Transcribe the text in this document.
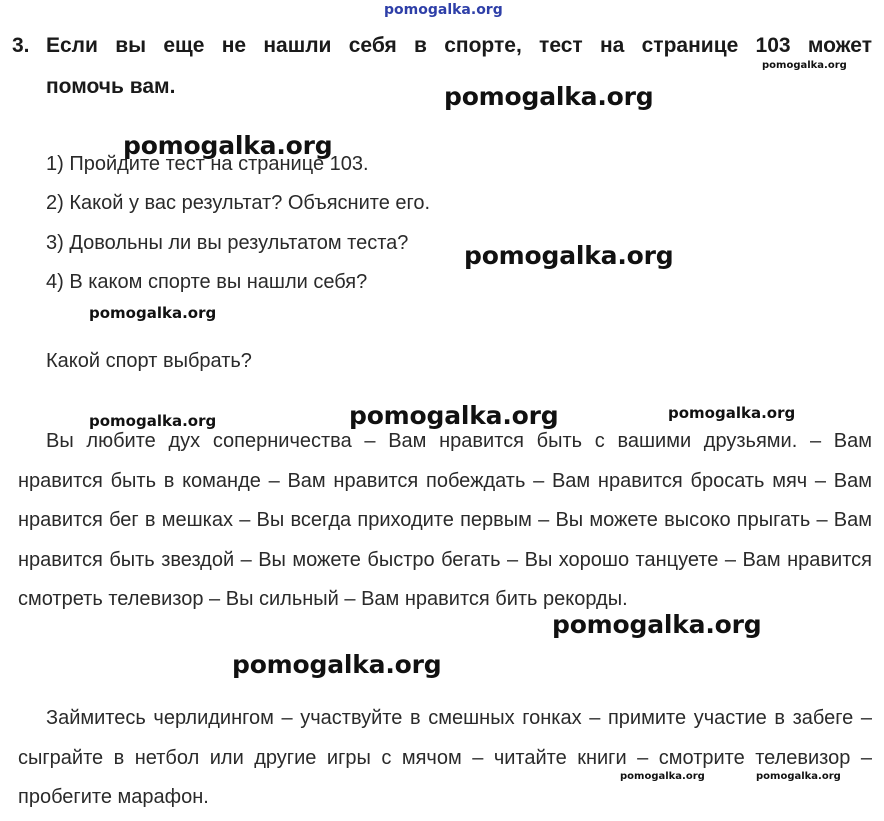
pomogalka.org
3. Если вы еще не нашли себя в спорте, тест на странице 103 может
помочь вам.
1) Пройдите тест на странице 103.
2) Какой у вас результат? Объясните его.
3) Довольны ли вы результатом теста?
4) В каком спорте вы нашли себя?
Какой спорт выбрать?
Вы любите дух соперничества – Вам нравится быть с вашими друзьями. – Вам нравится быть в команде – Вам нравится побеждать – Вам нравится бросать мяч – Вам нравится бег в мешках – Вы всегда приходите первым – Вы можете высоко прыгать – Вам нравится быть звездой – Вы можете быстро бегать – Вы хорошо танцуете – Вам нравится смотреть телевизор – Вы сильный – Вам нравится бить рекорды.
Займитесь черлидингом – участвуйте в смешных гонках – примите участие в забеге – сыграйте в нетбол или другие игры с мячом – читайте книги – смотрите телевизор – пробегите марафон.
pomogalka.org
pomogalka.org
pomogalka.org
pomogalka.org
pomogalka.org
pomogalka.org	pomogalka.org	pomogalka.org
pomogalka.org
pomogalka.org
pomogalka.org	pomogalka.org
